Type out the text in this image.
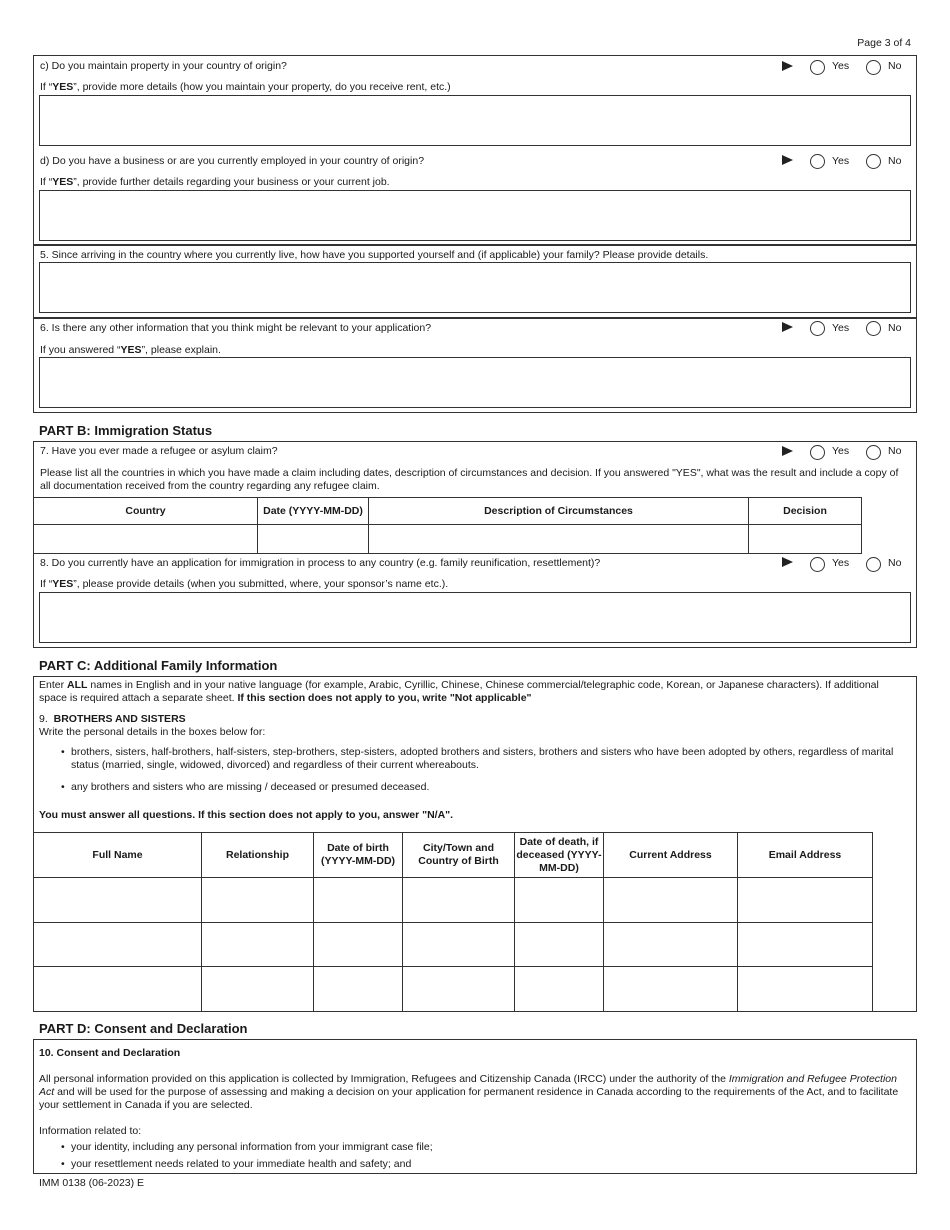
Page 3 of 4
c) Do you maintain property in your country of origin?	Yes	No
If “YES”, provide more details (how you maintain your property, do you receive rent, etc.)
d) Do you have a business or are you currently employed in your country of origin?	Yes	No
If “YES”, provide further details regarding your business or your current job.
5. Since arriving in the country where you currently live, how have you supported yourself and (if applicable) your family? Please provide details.
6. Is there any other information that you think might be relevant to your application?	Yes	No
If you answered “YES”, please explain.
PART B: Immigration Status
7. Have you ever made a refugee or asylum claim?	Yes	No
Please list all the countries in which you have made a claim including dates, description of circumstances and decision. If you answered "YES", what was the result and include a copy of all documentation received from the country regarding any refugee claim.
Country	Date (YYYY-MM-DD)	Description of Circumstances	Decision

8. Do you currently have an application for immigration in process to any country (e.g. family reunification, resettlement)?	Yes	No
If “YES”, please provide details (when you submitted, where, your sponsor’s name etc.).
PART C: Additional Family Information
Enter ALL names in English and in your native language (for example, Arabic, Cyrillic, Chinese, Chinese commercial/telegraphic code, Korean, or Japanese characters). If additional space is required attach a separate sheet. If this section does not apply to you, write "Not applicable"
9. BROTHERS AND SISTERS
Write the personal details in the boxes below for:
• brothers, sisters, half-brothers, half-sisters, step-brothers, step-sisters, adopted brothers and sisters, brothers and sisters who have been adopted by others, regardless of marital status (married, single, widowed, divorced) and regardless of their current whereabouts.
• any brothers and sisters who are missing / deceased or presumed deceased.
You must answer all questions. If this section does not apply to you, answer "N/A".
Full Name	Relationship	Date of birth (YYYY-MM-DD)	City/Town and Country of Birth	Date of death, if deceased (YYYY-MM-DD)	Current Address	Email Address

PART D: Consent and Declaration
10. Consent and Declaration
All personal information provided on this application is collected by Immigration, Refugees and Citizenship Canada (IRCC) under the authority of the Immigration and Refugee Protection Act and will be used for the purpose of assessing and making a decision on your application for permanent residence in Canada according to the requirements of the Act, and to facilitate your settlement in Canada if you are selected.
Information related to:
• your identity, including any personal information from your immigrant case file;
• your resettlement needs related to your immediate health and safety; and
IMM 0138 (06-2023) E
